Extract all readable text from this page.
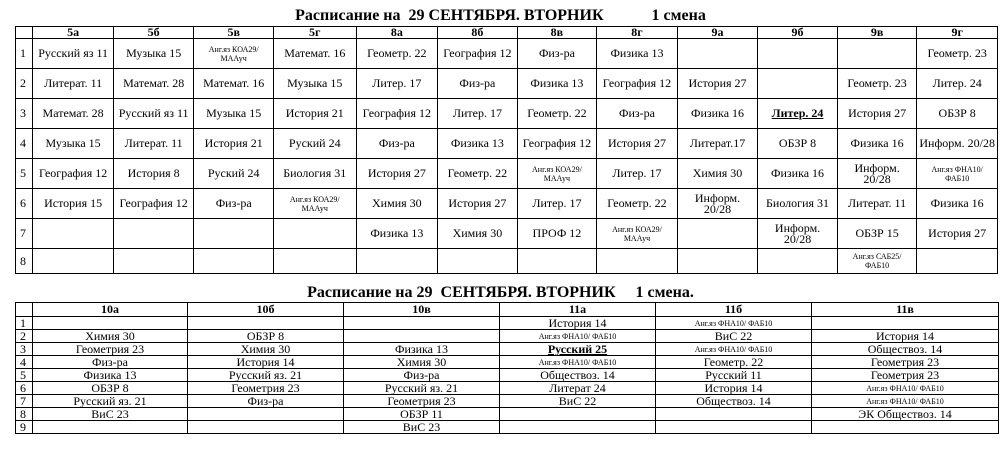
Расписание на  29 СЕНТЯБРЯ. ВТОРНИК            1 смена
	5а	5б	5в	5г	8а	8б	8в	8г	9а	9б	9в	9г
1	Русский яз 11	Музыка 15	Анг.яз КОА29/ МААуч	Математ. 16	Геометр. 22	География 12	Физ-ра	Физика 13				Геометр. 23
2	Литерат. 11	Математ. 28	Математ. 16	Музыка 15	Литер. 17	Физ-ра	Физика 13	География 12	История 27		Геометр. 23	Литер. 24
3	Математ. 28	Русский яз 11	Музыка 15	История 21	География 12	Литер. 17	Геометр. 22	Физ-ра	Физика 16	Литер. 24	История 27	ОБЗР 8
4	Музыка 15	Литерат. 11	История 21	Руский 24	Физ-ра	Физика 13	География 12	История 27	Литерат.17	ОБЗР 8	Физика 16	Информ. 20/28
5	География 12	История 8	Руский 24	Биология 31	История 27	Геометр. 22	Анг.яз КОА29/ МААуч	Литер. 17	Химия 30	Физика 16	Информ. 20/28	Анг.яз ФНА10/ ФАБ10
6	История 15	География 12	Физ-ра	Анг.яз КОА29/ МААуч	Химия 30	История 27	Литер. 17	Геометр. 22	Информ. 20/28	Биология 31	Литерат. 11	Физика 16
7					Физика 13	Химия 30	ПРОФ 12	Анг.яз КОА29/ МААуч		Информ. 20/28	ОБЗР 15	История 27
8											Анг.яз САБ25/ ФАБ10	
Расписание на 29  СЕНТЯБРЯ. ВТОРНИК     1 смена.
	10а	10б	10в	11а	11б	11в
1				История 14	Анг.яз ФНА10/ ФАБ10	
2	Химия 30	ОБЗР 8		Анг.яз ФНА10/ ФАБ10	ВиС 22	История 14
3	Геометрия 23	Химия 30	Физика 13	Русский 25	Анг.яз ФНА10/ ФАБ10	Обществоз. 14
4	Физ-ра	История 14	Химия 30	Анг.яз ФНА10/ ФАБ10	Геометр. 22	Геометрия 23
5	Физика 13	Русский яз. 21	Физ-ра	Обществоз. 14	Русский 11	Геометрия 23
6	ОБЗР 8	Геометрия 23	Русский яз. 21	Литерат 24	История 14	Анг.яз ФНА10/ ФАБ10
7	Русский яз. 21	Физ-ра	Геометрия 23	ВиС 22	Обществоз. 14	Анг.яз ФНА10/ ФАБ10
8	ВиС 23		ОБЗР 11			ЭК Обществоз. 14
9			ВиС 23			
